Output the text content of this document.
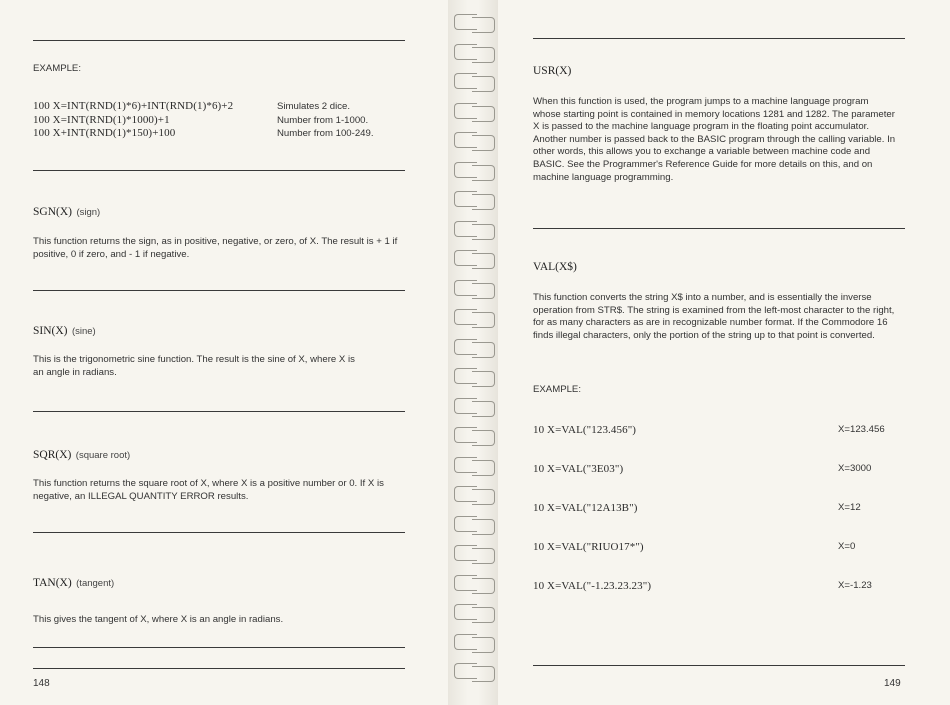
EXAMPLE:
100 X=INT(RND(1)*6)+INT(RND(1)*6)+2	Simulates 2 dice.
100 X=INT(RND(1)*1000)+1	Number from 1-1000.
100 X+INT(RND(1)*150)+100	Number from 100-249.
SGN(X) (sign)
This function returns the sign, as in positive, negative, or zero, of X. The result is + 1 if positive, 0 if zero, and - 1 if negative.
SIN(X) (sine)
This is the trigonometric sine function. The result is the sine of X, where X is an angle in radians.
SQR(X) (square root)
This function returns the square root of X, where X is a positive number or 0. If X is negative, an ILLEGAL QUANTITY ERROR results.
TAN(X) (tangent)
This gives the tangent of X, where X is an angle in radians.
148
USR(X)
When this function is used, the program jumps to a machine language program whose starting point is contained in memory locations 1281 and 1282. The parameter X is passed to the machine language program in the floating point accumulator. Another number is passed back to the BASIC program through the calling variable. In other words, this allows you to exchange a variable between machine code and BASIC. See the Programmer's Reference Guide for more details on this, and on machine language programming.
VAL(X$)
This function converts the string X$ into a number, and is essentially the inverse operation from STR$. The string is examined from the left-most character to the right, for as many characters as are in recognizable number format. If the Commodore 16 finds illegal characters, only the portion of the string up to that point is converted.
EXAMPLE:
10 X=VAL("123.456")	X=123.456
10 X=VAL("3E03")	X=3000
10 X=VAL("12A13B")	X=12
10 X=VAL("RIUO17*")	X=0
10 X=VAL("-1.23.23.23")	X=-1.23
149
